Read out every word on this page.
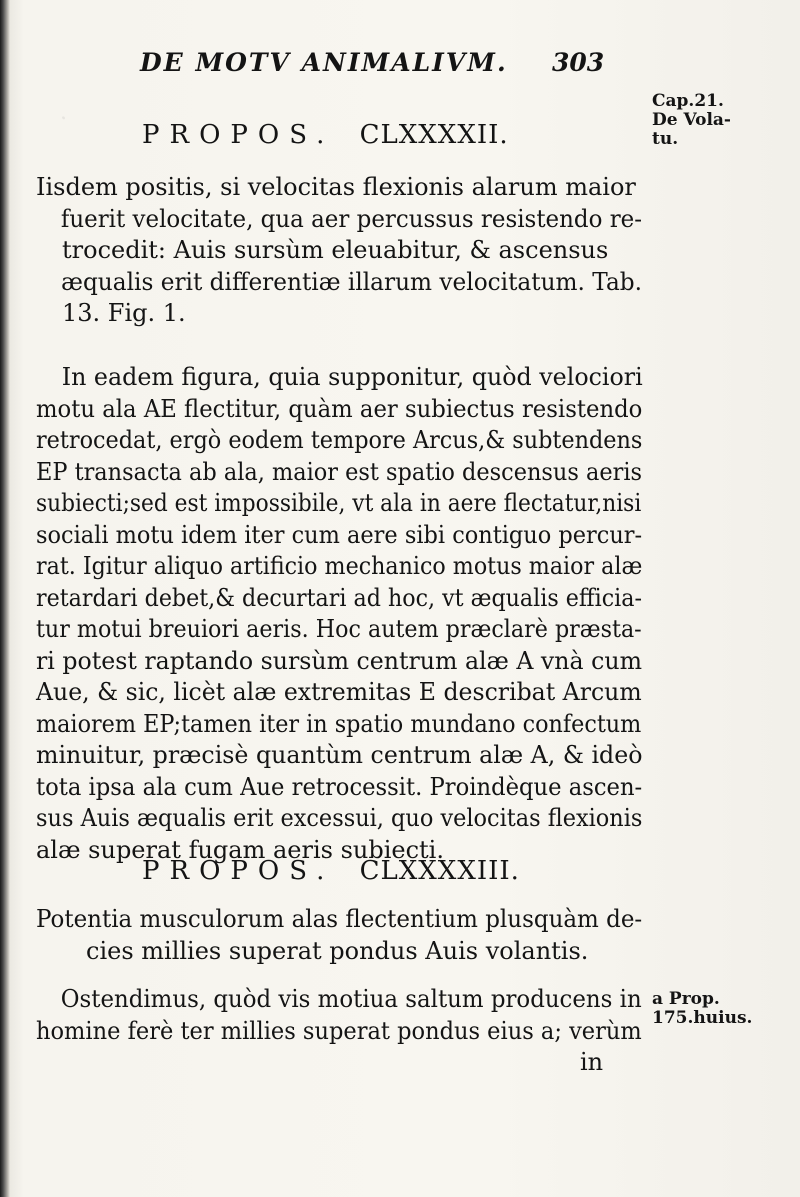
.
DE MOTV ANIMALIVM. 303
Cap.21.
De Vola-
tu.
PROPOS. CLXXXXII.
Iisdem positis, si velocitas flexionis alarum maior
fuerit velocitate, qua aer percussus resistendo re-
trocedit: Auis sursùm eleuabitur, & ascensus
æqualis erit differentiæ illarum velocitatum. Tab.
13. Fig. 1.
In eadem figura, quia supponitur, quòd velociori
motu ala AE flectitur, quàm aer subiectus resistendo
retrocedat, ergò eodem tempore Arcus,& subtendens
EP transacta ab ala, maior est spatio descensus aeris
subiecti;sed est impossibile, vt ala in aere flectatur,nisi
sociali motu idem iter cum aere sibi contiguo percur-
rat. Igitur aliquo artificio mechanico motus maior alæ
retardari debet,& decurtari ad hoc, vt æqualis efficia-
tur motui breuiori aeris. Hoc autem præclarè præsta-
ri potest raptando sursùm centrum alæ A vnà cum
Aue, & sic, licèt alæ extremitas E describat Arcum
maiorem EP;tamen iter in spatio mundano confectum
minuitur, præcisè quantùm centrum alæ A, & ideò
tota ipsa ala cum Aue retrocessit. Proindèque ascen-
sus Auis æqualis erit excessui, quo velocitas flexionis
alæ superat fugam aeris subiecti.
PROPOS. CLXXXXIII.
Potentia musculorum alas flectentium plusquàm de-
cies millies superat pondus Auis volantis.
Ostendimus, quòd vis motiua saltum producens in
homine ferè ter millies superat pondus eius a; verùm
a Prop.
175.huius.
in
